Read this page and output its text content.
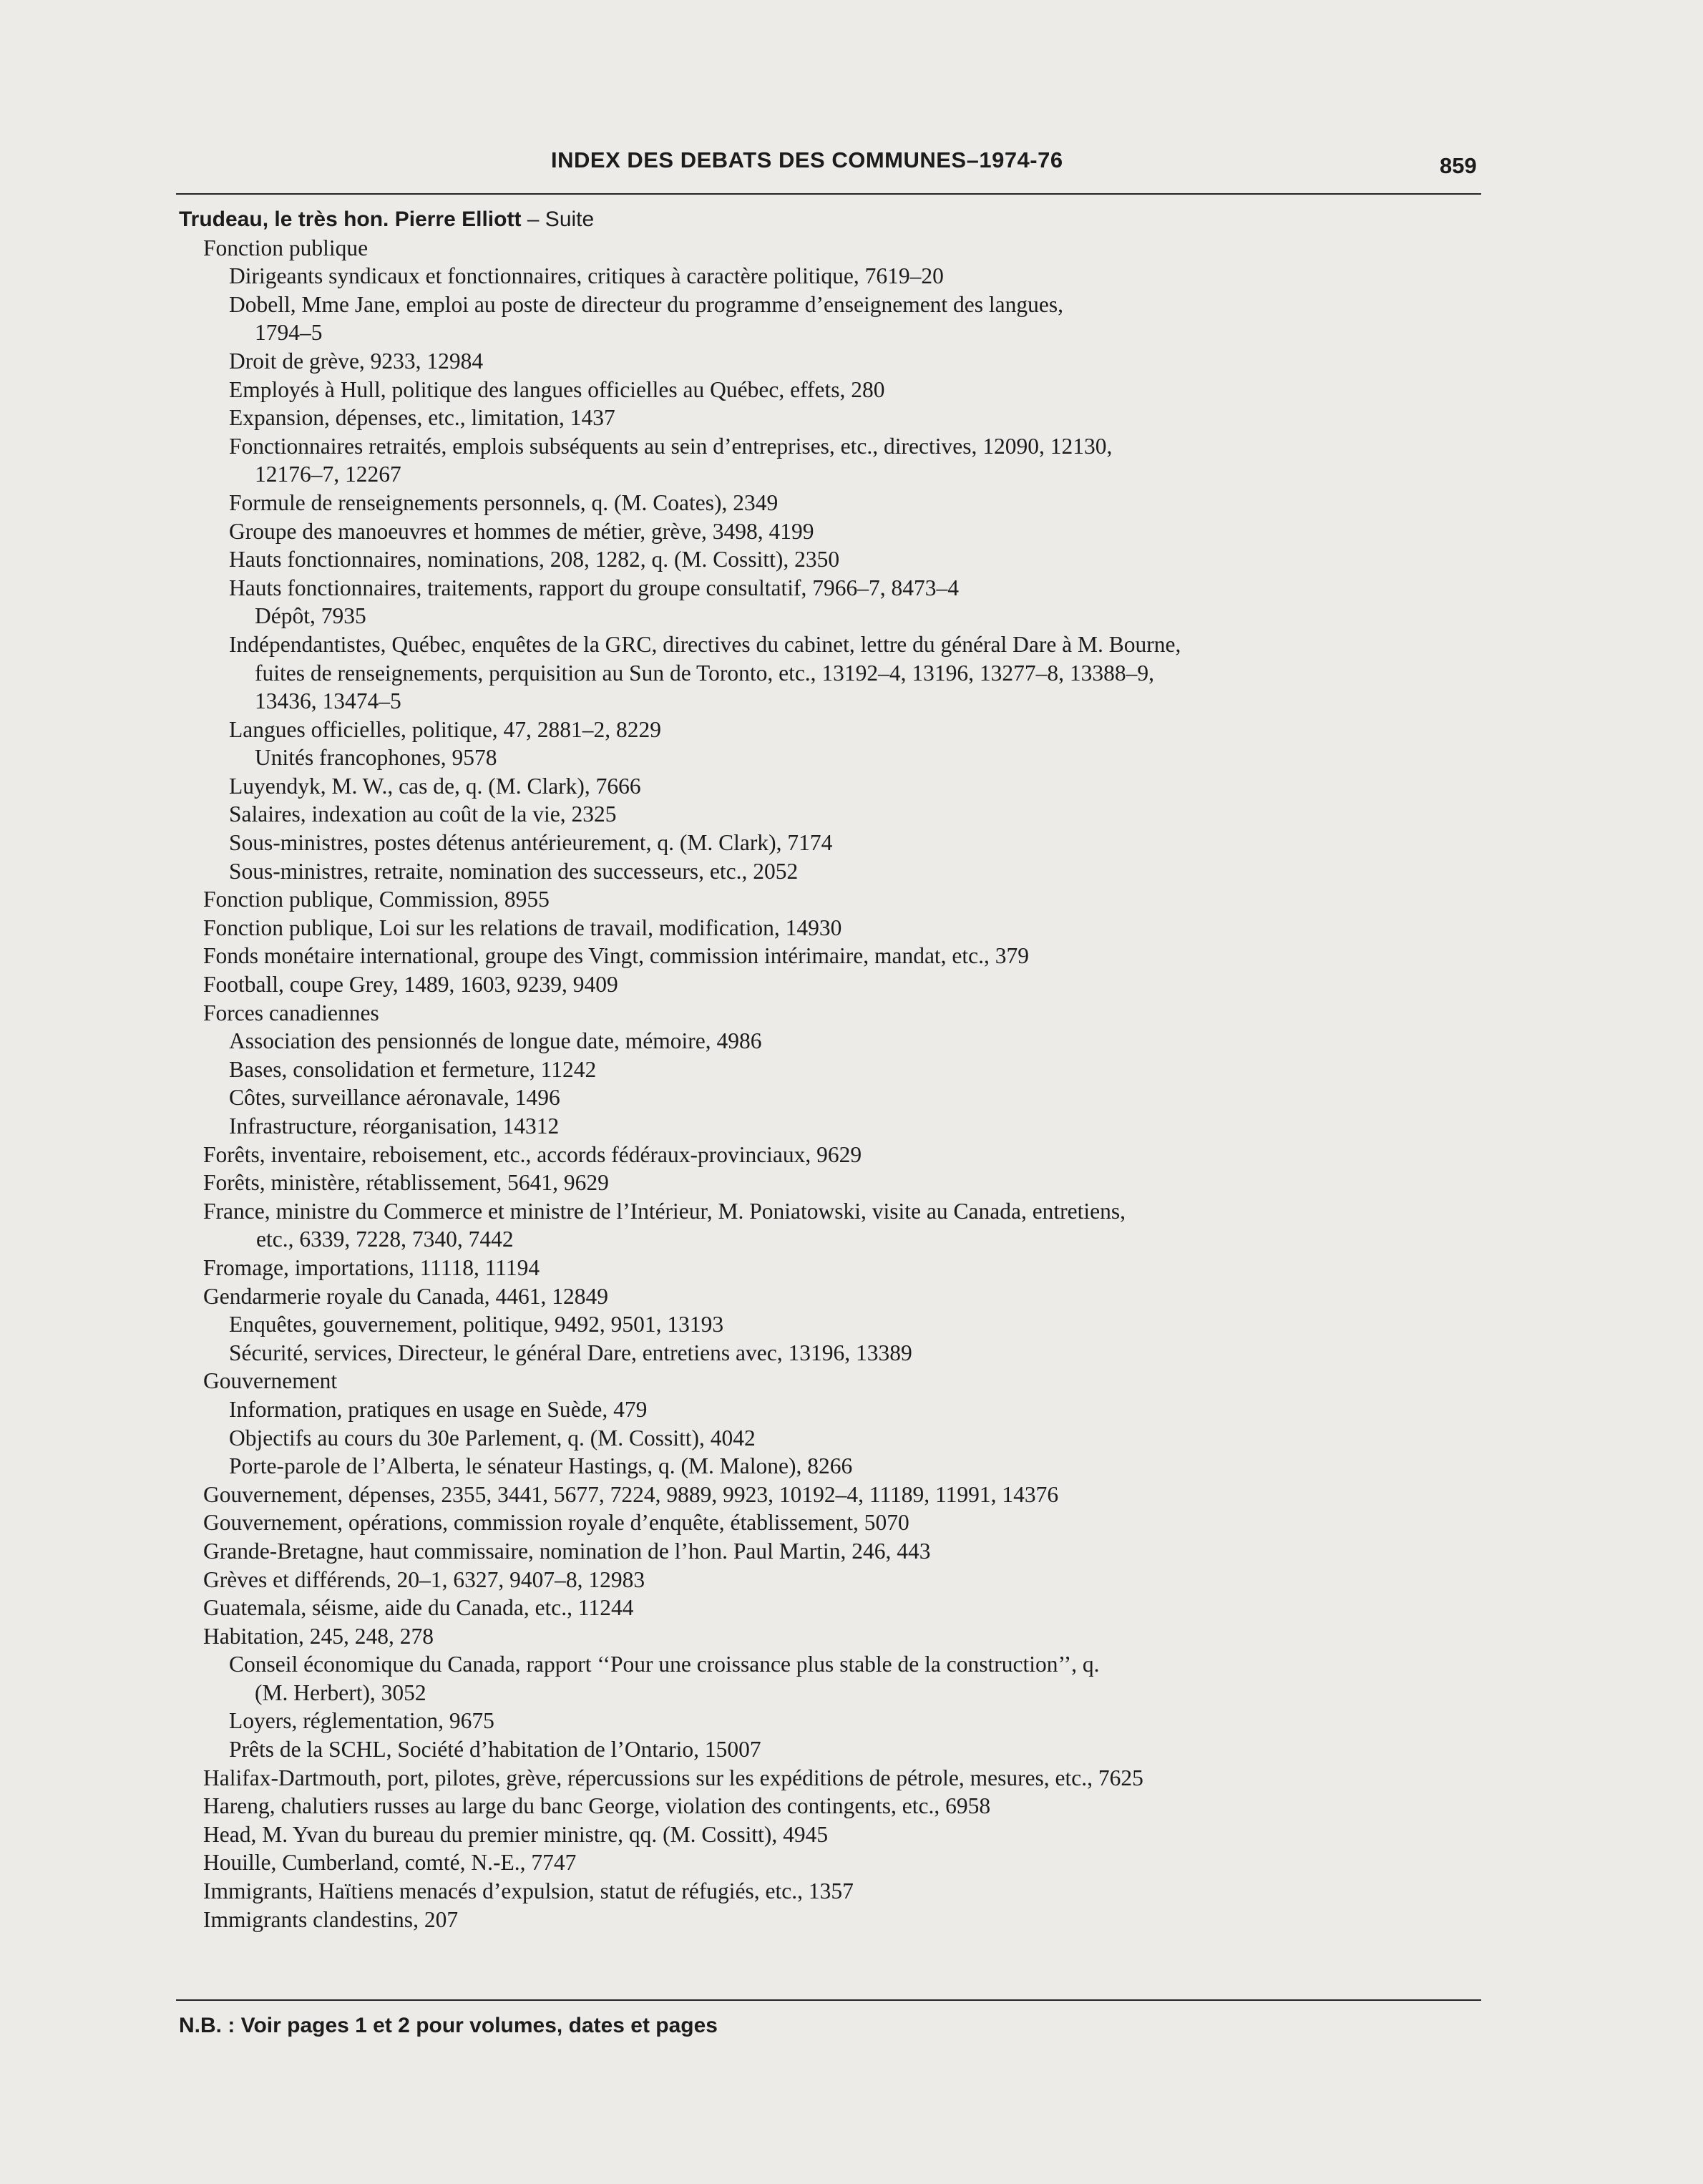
INDEX DES DEBATS DES COMMUNES–1974-76	859
Trudeau, le très hon. Pierre Elliott – Suite
Fonction publique
Dirigeants syndicaux et fonctionnaires, critiques à caractère politique, 7619–20
Dobell, Mme Jane, emploi au poste de directeur du programme d’enseignement des langues,
1794–5
Droit de grève, 9233, 12984
Employés à Hull, politique des langues officielles au Québec, effets, 280
Expansion, dépenses, etc., limitation, 1437
Fonctionnaires retraités, emplois subséquents au sein d’entreprises, etc., directives, 12090, 12130,
12176–7, 12267
Formule de renseignements personnels, q. (M. Coates), 2349
Groupe des manoeuvres et hommes de métier, grève, 3498, 4199
Hauts fonctionnaires, nominations, 208, 1282, q. (M. Cossitt), 2350
Hauts fonctionnaires, traitements, rapport du groupe consultatif, 7966–7, 8473–4
Dépôt, 7935
Indépendantistes, Québec, enquêtes de la GRC, directives du cabinet, lettre du général Dare à M. Bourne,
fuites de renseignements, perquisition au Sun de Toronto, etc., 13192–4, 13196, 13277–8, 13388–9,
13436, 13474–5
Langues officielles, politique, 47, 2881–2, 8229
Unités francophones, 9578
Luyendyk, M. W., cas de, q. (M. Clark), 7666
Salaires, indexation au coût de la vie, 2325
Sous-ministres, postes détenus antérieurement, q. (M. Clark), 7174
Sous-ministres, retraite, nomination des successeurs, etc., 2052
Fonction publique, Commission, 8955
Fonction publique, Loi sur les relations de travail, modification, 14930
Fonds monétaire international, groupe des Vingt, commission intérimaire, mandat, etc., 379
Football, coupe Grey, 1489, 1603, 9239, 9409
Forces canadiennes
Association des pensionnés de longue date, mémoire, 4986
Bases, consolidation et fermeture, 11242
Côtes, surveillance aéronavale, 1496
Infrastructure, réorganisation, 14312
Forêts, inventaire, reboisement, etc., accords fédéraux-provinciaux, 9629
Forêts, ministère, rétablissement, 5641, 9629
France, ministre du Commerce et ministre de l’Intérieur, M. Poniatowski, visite au Canada, entretiens,
etc., 6339, 7228, 7340, 7442
Fromage, importations, 11118, 11194
Gendarmerie royale du Canada, 4461, 12849
Enquêtes, gouvernement, politique, 9492, 9501, 13193
Sécurité, services, Directeur, le général Dare, entretiens avec, 13196, 13389
Gouvernement
Information, pratiques en usage en Suède, 479
Objectifs au cours du 30e Parlement, q. (M. Cossitt), 4042
Porte-parole de l’Alberta, le sénateur Hastings, q. (M. Malone), 8266
Gouvernement, dépenses, 2355, 3441, 5677, 7224, 9889, 9923, 10192–4, 11189, 11991, 14376
Gouvernement, opérations, commission royale d’enquête, établissement, 5070
Grande-Bretagne, haut commissaire, nomination de l’hon. Paul Martin, 246, 443
Grèves et différends, 20–1, 6327, 9407–8, 12983
Guatemala, séisme, aide du Canada, etc., 11244
Habitation, 245, 248, 278
Conseil économique du Canada, rapport ‘‘Pour une croissance plus stable de la construction’’, q.
(M. Herbert), 3052
Loyers, réglementation, 9675
Prêts de la SCHL, Société d’habitation de l’Ontario, 15007
Halifax-Dartmouth, port, pilotes, grève, répercussions sur les expéditions de pétrole, mesures, etc., 7625
Hareng, chalutiers russes au large du banc George, violation des contingents, etc., 6958
Head, M. Yvan du bureau du premier ministre, qq. (M. Cossitt), 4945
Houille, Cumberland, comté, N.-E., 7747
Immigrants, Haïtiens menacés d’expulsion, statut de réfugiés, etc., 1357
Immigrants clandestins, 207
N.B. : Voir pages 1 et 2 pour volumes, dates et pages
